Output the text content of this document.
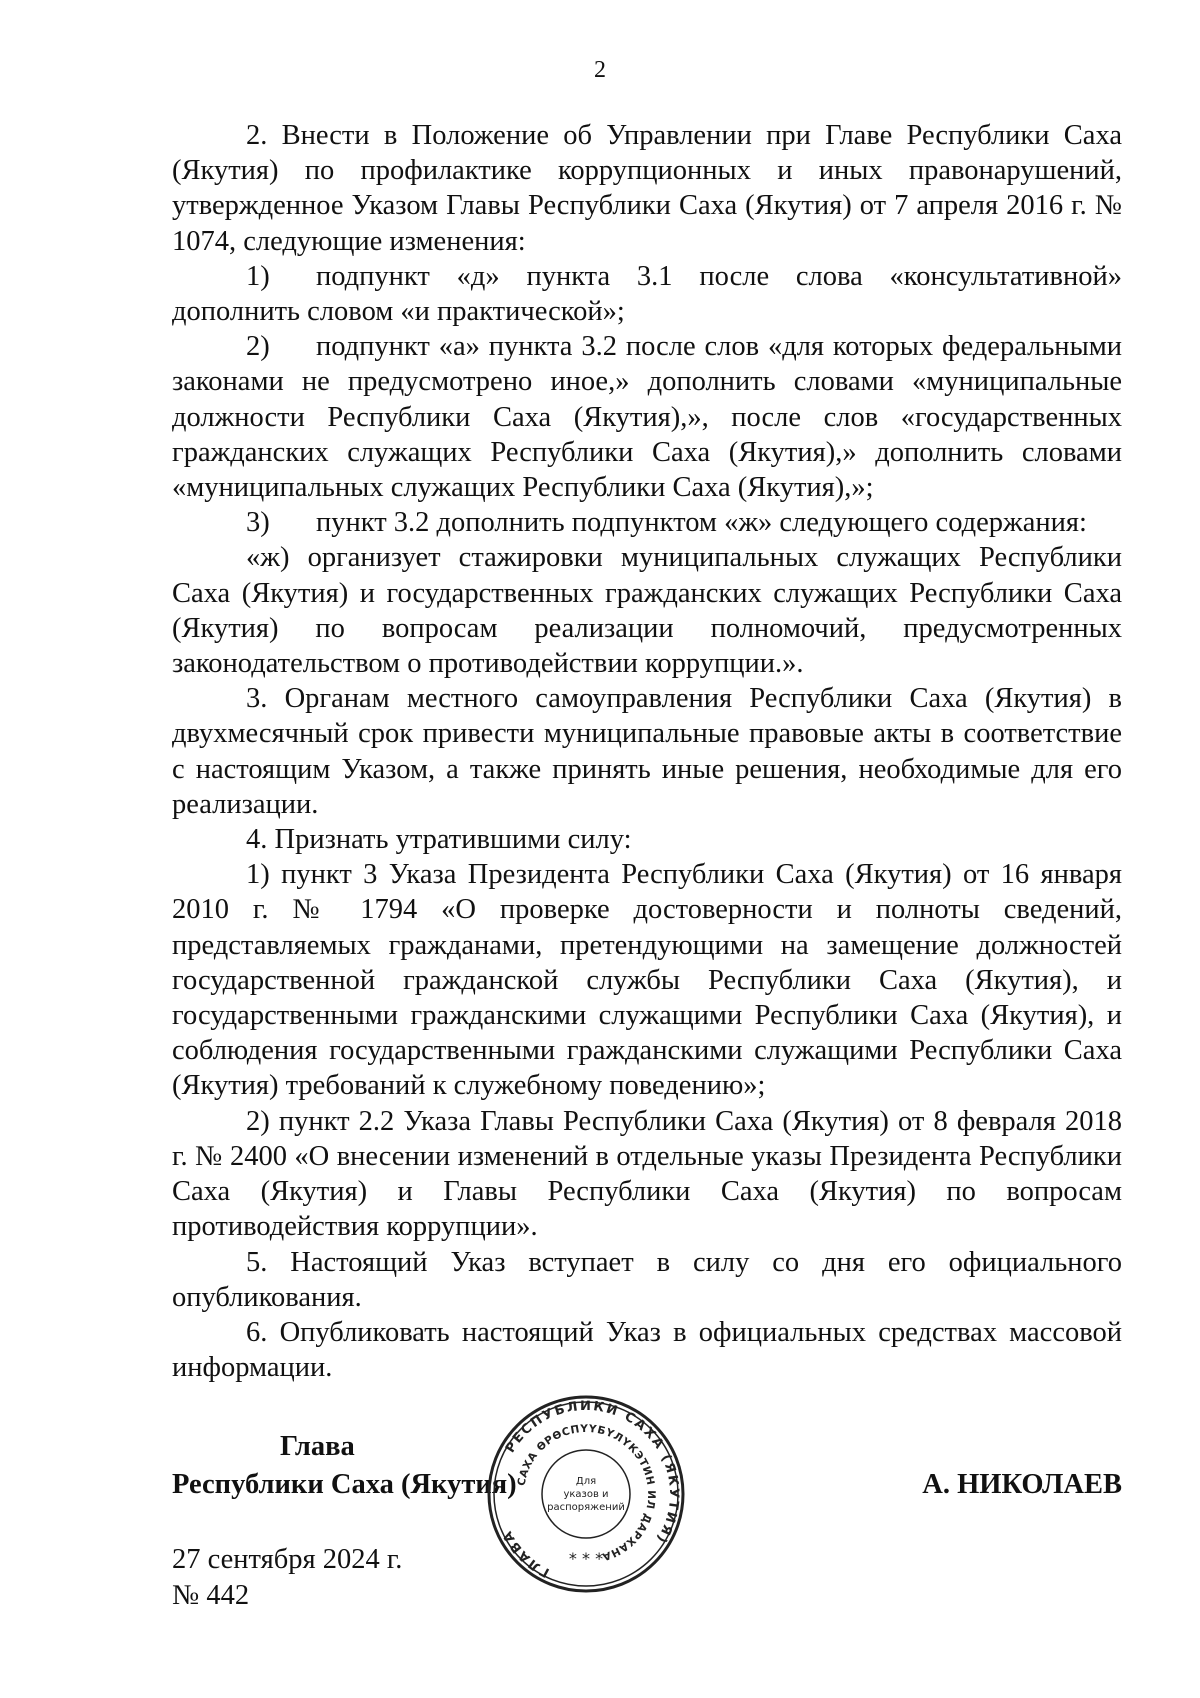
2

2. Внести в Положение об Управлении при Главе Республики Саха (Якутия) по профилактике коррупционных и иных правонарушений, утвержденное Указом Главы Республики Саха (Якутия) от 7 апреля 2016 г. № 1074, следующие изменения:

1) подпункт «д» пункта 3.1 после слова «консультативной» дополнить словом «и практической»;

2) подпункт «а» пункта 3.2 после слов «для которых федеральными законами не предусмотрено иное,» дополнить словами «муниципальные должности Республики Саха (Якутия),», после слов «государственных гражданских служащих Республики Саха (Якутия),» дополнить словами «муниципальных служащих Республики Саха (Якутия),»;

3) пункт 3.2 дополнить подпунктом «ж» следующего содержания:

«ж) организует стажировки муниципальных служащих Республики Саха (Якутия) и государственных гражданских служащих Республики Саха (Якутия) по вопросам реализации полномочий, предусмотренных законодательством о противодействии коррупции.».

3. Органам местного самоуправления Республики Саха (Якутия) в двухмесячный срок привести муниципальные правовые акты в соответствие с настоящим Указом, а также принять иные решения, необходимые для его реализации.

4. Признать утратившими силу:

1) пункт 3 Указа Президента Республики Саха (Якутия) от 16 января 2010 г. № 1794 «О проверке достоверности и полноты сведений, представляемых гражданами, претендующими на замещение должностей государственной гражданской службы Республики Саха (Якутия), и государственными гражданскими служащими Республики Саха (Якутия), и соблюдения государственными гражданскими служащими Республики Саха (Якутия) требований к служебному поведению»;

2) пункт 2.2 Указа Главы Республики Саха (Якутия) от 8 февраля 2018 г. № 2400 «О внесении изменений в отдельные указы Президента Республики Саха (Якутия) и Главы Республики Саха (Якутия) по вопросам противодействия коррупции».

5. Настоящий Указ вступает в силу со дня его официального опубликования.

6. Опубликовать настоящий Указ в официальных средствах массовой информации.

Глава
Республики Саха (Якутия)	А. НИКОЛАЕВ
27 сентября 2024 г.
№ 442
РЕСПУБЛИКИ САХА (ЯКУТИЯ)
ГЛАВА
САХА ӨРӨСПҮҮБҮЛҮКЭТИН ИЛ ДАРХАНА
Для
указов и
распоряжений
* * *
